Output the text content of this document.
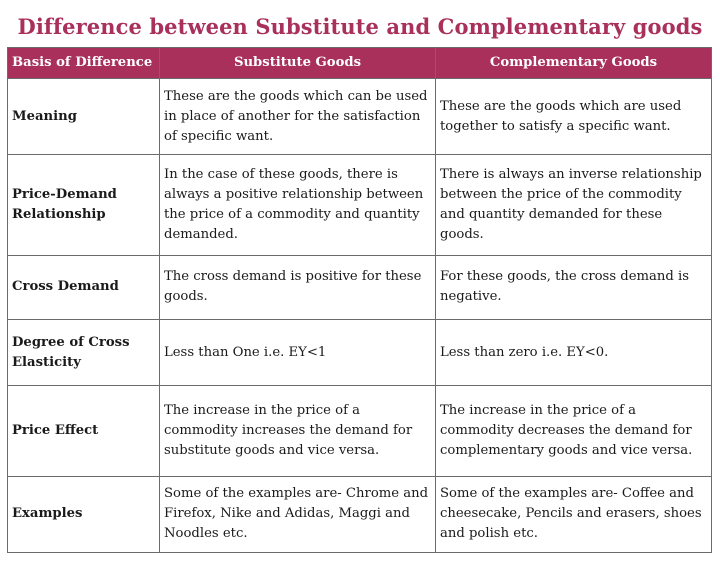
Difference between Substitute and Complementary goods
Basis of Difference	Substitute Goods	Complementary Goods
Meaning	These are the goods which can be used in place of another for the satisfaction of specific want.	These are the goods which are used together to satisfy a specific want.
Price-Demand Relationship	In the case of these goods, there is always a positive relationship between the price of a commodity and quantity demanded.	There is always an inverse relationship between the price of the commodity and quantity demanded for these goods.
Cross Demand	The cross demand is positive for these goods.	For these goods, the cross demand is negative.
Degree of Cross Elasticity	Less than One i.e. EY<1	Less than zero i.e. EY<0.
Price Effect	The increase in the price of a commodity increases the demand for substitute goods and vice versa.	The increase in the price of a commodity decreases the demand for complementary goods and vice versa.
Examples	Some of the examples are- Chrome and Firefox, Nike and Adidas, Maggi and Noodles etc.	Some of the examples are- Coffee and cheesecake, Pencils and erasers, shoes and polish etc.
